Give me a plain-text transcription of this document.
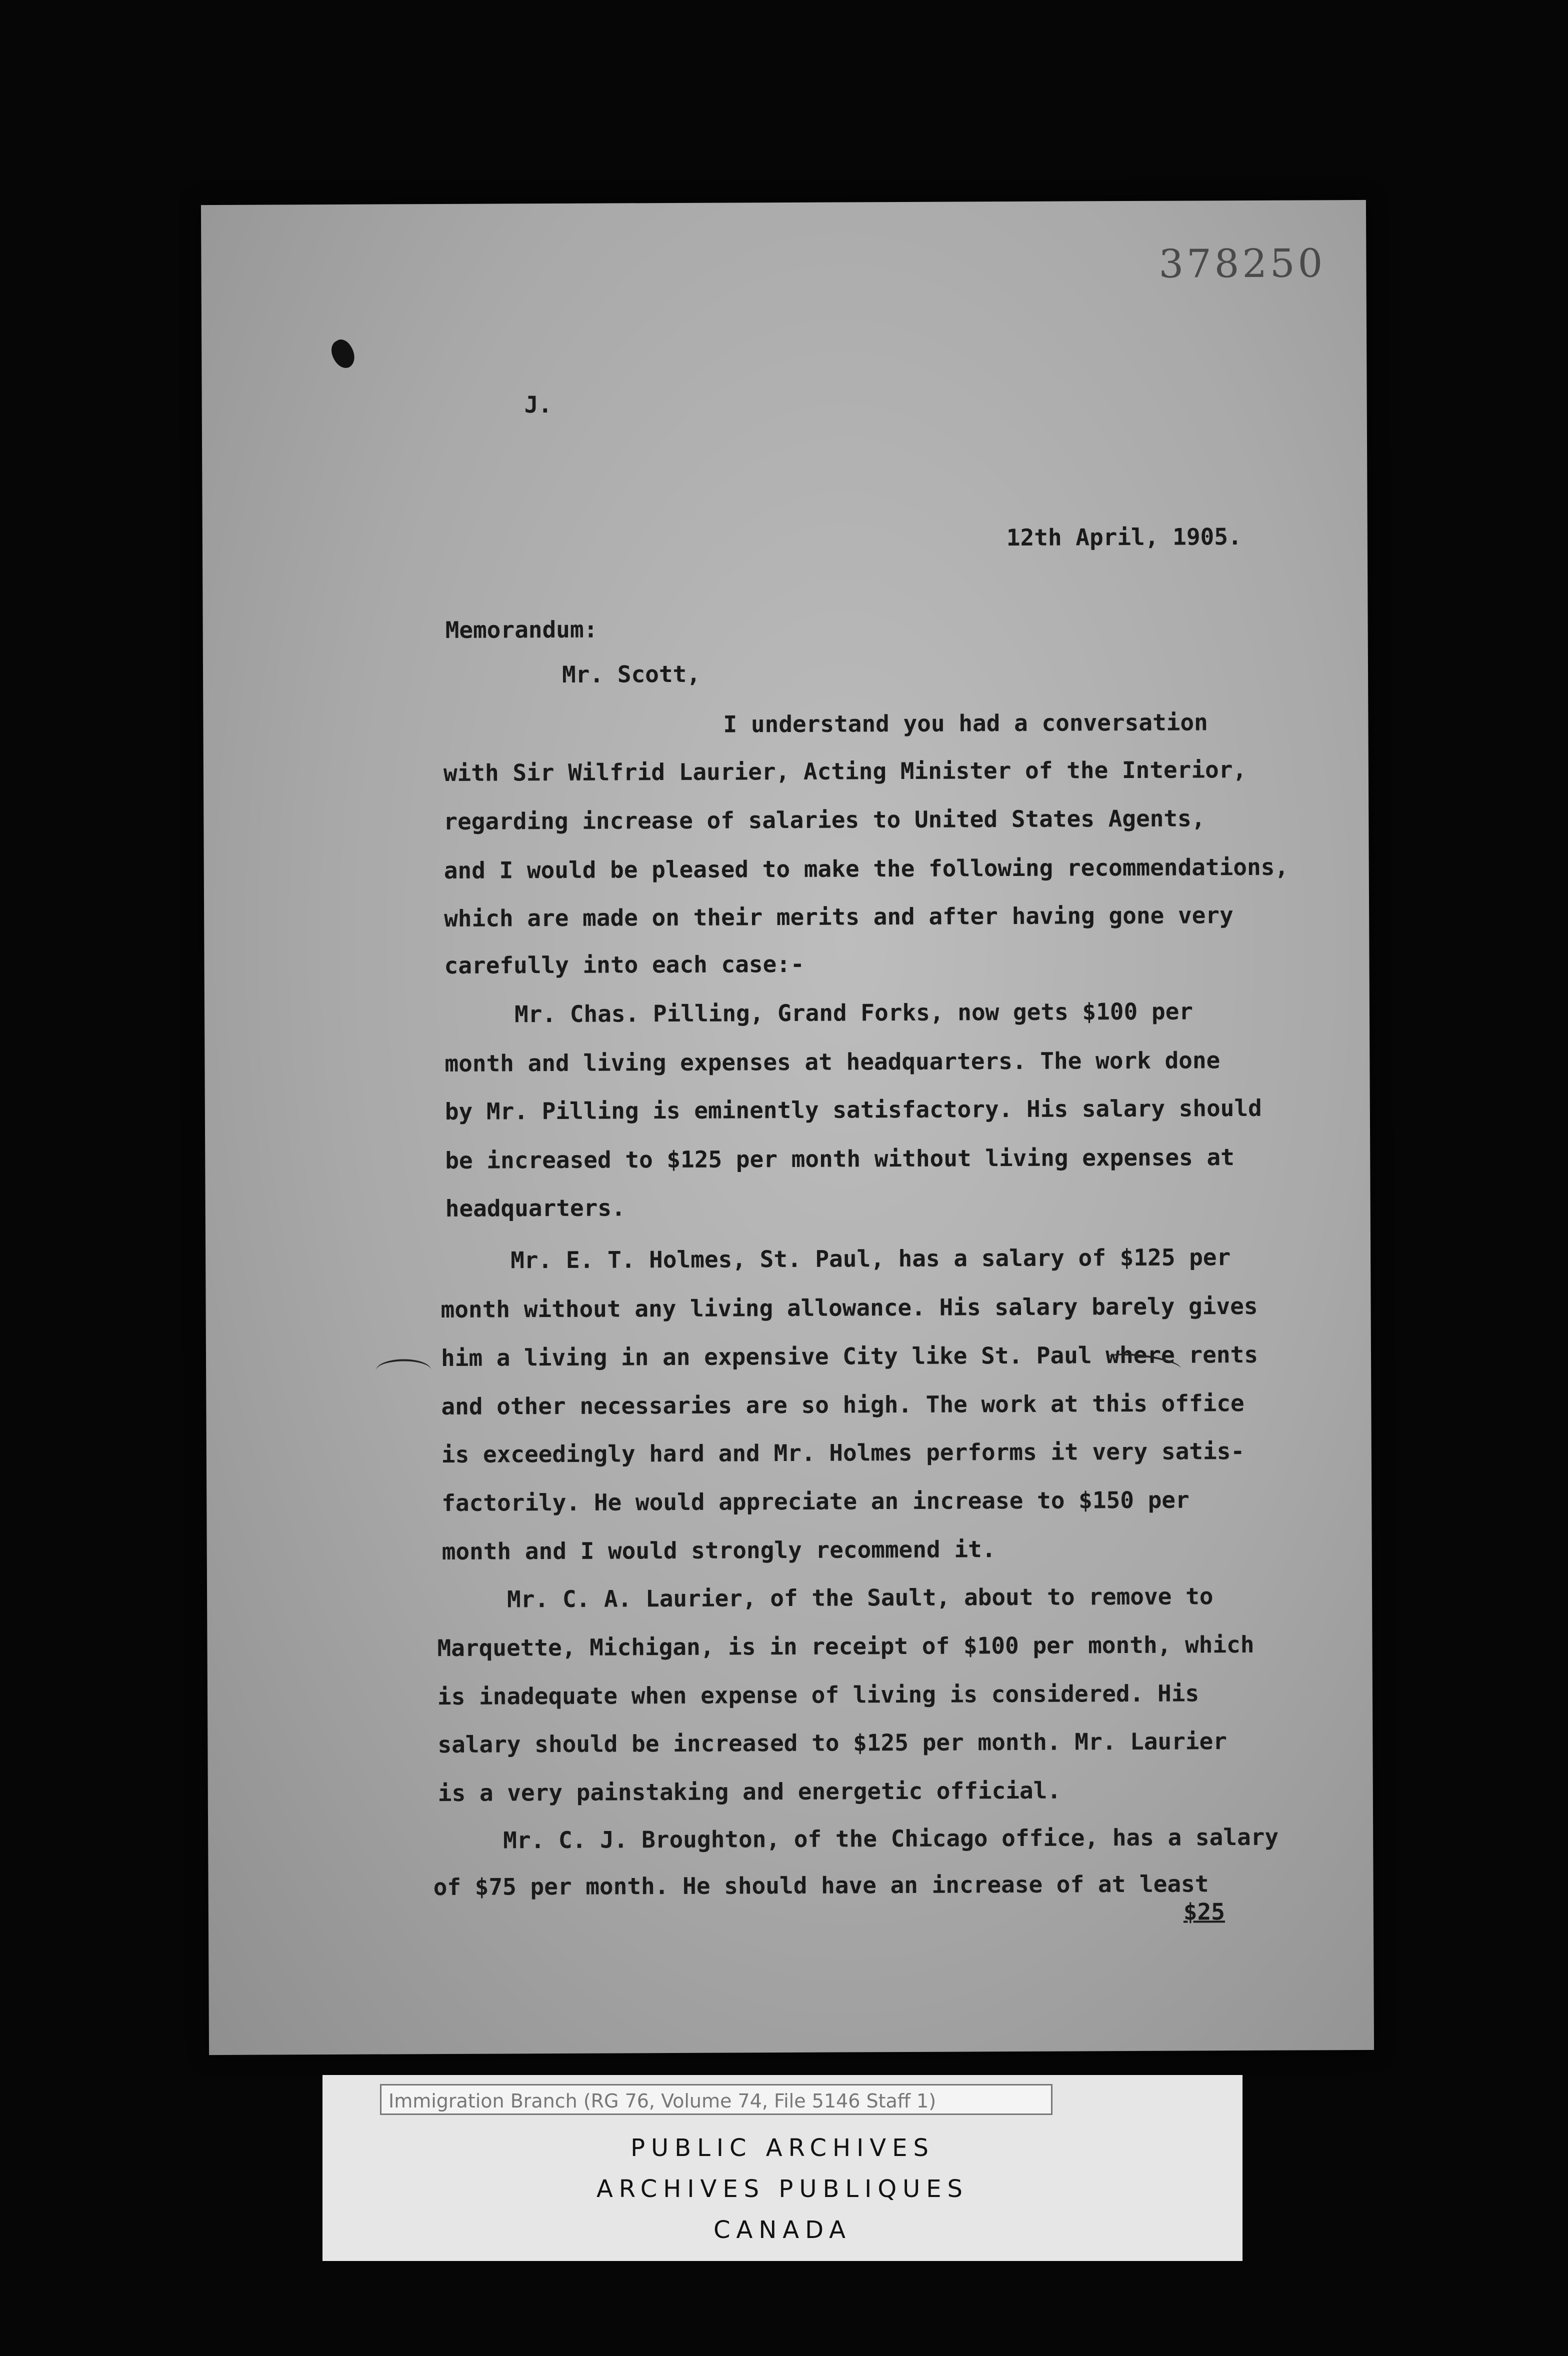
378250
J.
12th April, 1905.
Memorandum:
Mr. Scott,
I understand you had a conversation
with Sir Wilfrid Laurier, Acting Minister of the Interior,
regarding increase of salaries to United States Agents,
and I would be pleased to make the following recommendations,
which are made on their merits and after having gone very
carefully into each case:-
Mr. Chas. Pilling, Grand Forks, now gets $100 per
month and living expenses at headquarters. The work done
by Mr. Pilling is eminently satisfactory. His salary should
be increased to $125 per month without living expenses at
headquarters.
Mr. E. T. Holmes, St. Paul, has a salary of $125 per
month without any living allowance. His salary barely gives
him a living in an expensive City like St. Paul where rents
and other necessaries are so high. The work at this office
is exceedingly hard and Mr. Holmes performs it very satis-
factorily. He would appreciate an increase to $150 per
month and I would strongly recommend it.
Mr. C. A. Laurier, of the Sault, about to remove to
Marquette, Michigan, is in receipt of $100 per month, which
is inadequate when expense of living is considered. His
salary should be increased to $125 per month. Mr. Laurier
is a very painstaking and energetic official.
Mr. C. J. Broughton, of the Chicago office, has a salary
of $75 per month. He should have an increase of at least
$25
Immigration Branch (RG 76, Volume 74, File 5146 Staff 1)
PUBLIC ARCHIVES
ARCHIVES PUBLIQUES
CANADA
